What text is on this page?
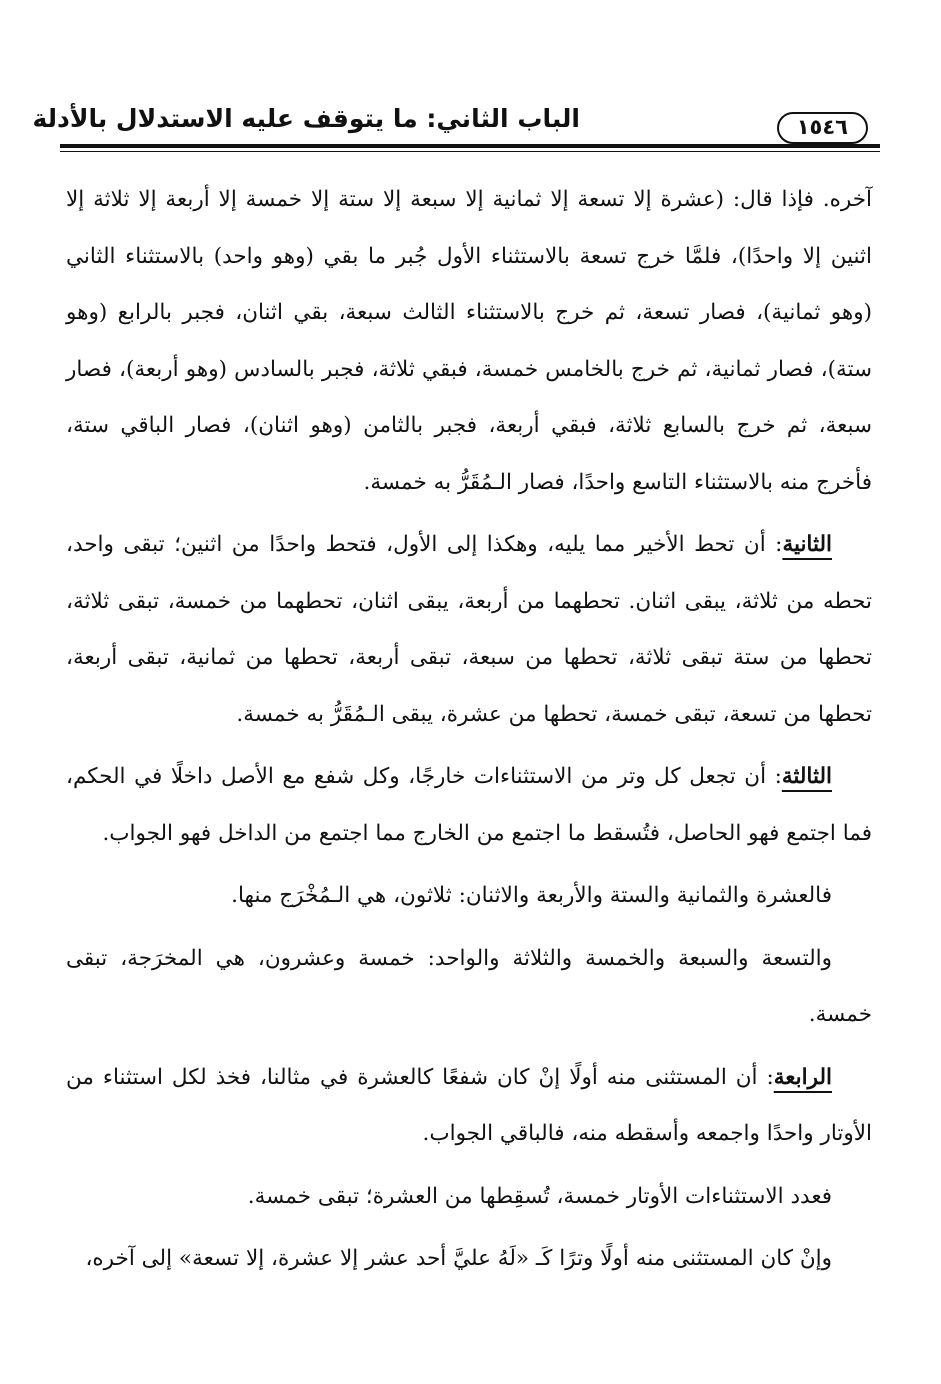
الباب الثاني: ما يتوقف عليه الاستدلال بالأدلة	١٥٤٦

آخره. فإذا قال: (عشرة إلا تسعة إلا ثمانية إلا سبعة إلا ستة إلا خمسة إلا أربعة إلا ثلاثة إلا اثنين إلا واحدًا)، فلمَّا خرج تسعة بالاستثناء الأول جُبر ما بقي (وهو واحد) بالاستثناء الثاني (وهو ثمانية)، فصار تسعة، ثم خرج بالاستثناء الثالث سبعة، بقي اثنان، فجبر بالرابع (وهو ستة)، فصار ثمانية، ثم خرج بالخامس خمسة، فبقي ثلاثة، فجبر بالسادس (وهو أربعة)، فصار سبعة، ثم خرج بالسابع ثلاثة، فبقي أربعة، فجبر بالثامن (وهو اثنان)، فصار الباقي ستة، فأخرج منه بالاستثناء التاسع واحدًا، فصار الـمُقَرُّ به خمسة.

الثانية: أن تحط الأخير مما يليه، وهكذا إلى الأول، فتحط واحدًا من اثنين؛ تبقى واحد، تحطه من ثلاثة، يبقى اثنان. تحطهما من أربعة، يبقى اثنان، تحطهما من خمسة، تبقى ثلاثة، تحطها من ستة تبقى ثلاثة، تحطها من سبعة، تبقى أربعة، تحطها من ثمانية، تبقى أربعة، تحطها من تسعة، تبقى خمسة، تحطها من عشرة، يبقى الـمُقَرُّ به خمسة.

الثالثة: أن تجعل كل وتر من الاستثناءات خارجًا، وكل شفع مع الأصل داخلًا في الحكم، فما اجتمع فهو الحاصل، فتُسقط ما اجتمع من الخارج مما اجتمع من الداخل فهو الجواب.

فالعشرة والثمانية والستة والأربعة والاثنان: ثلاثون، هي الـمُخْرَج منها.

والتسعة والسبعة والخمسة والثلاثة والواحد: خمسة وعشرون، هي المخرَجة، تبقى خمسة.

الرابعة: أن المستثنى منه أولًا إنْ كان شفعًا كالعشرة في مثالنا، فخذ لكل استثناء من الأوتار واحدًا واجمعه وأسقطه منه، فالباقي الجواب.

فعدد الاستثناءات الأوتار خمسة، تُسقِطها من العشرة؛ تبقى خمسة.

وإنْ كان المستثنى منه أولًا وترًا كَـ «لَهُ عليَّ أحد عشر إلا عشرة، إلا تسعة» إلى آخره،
